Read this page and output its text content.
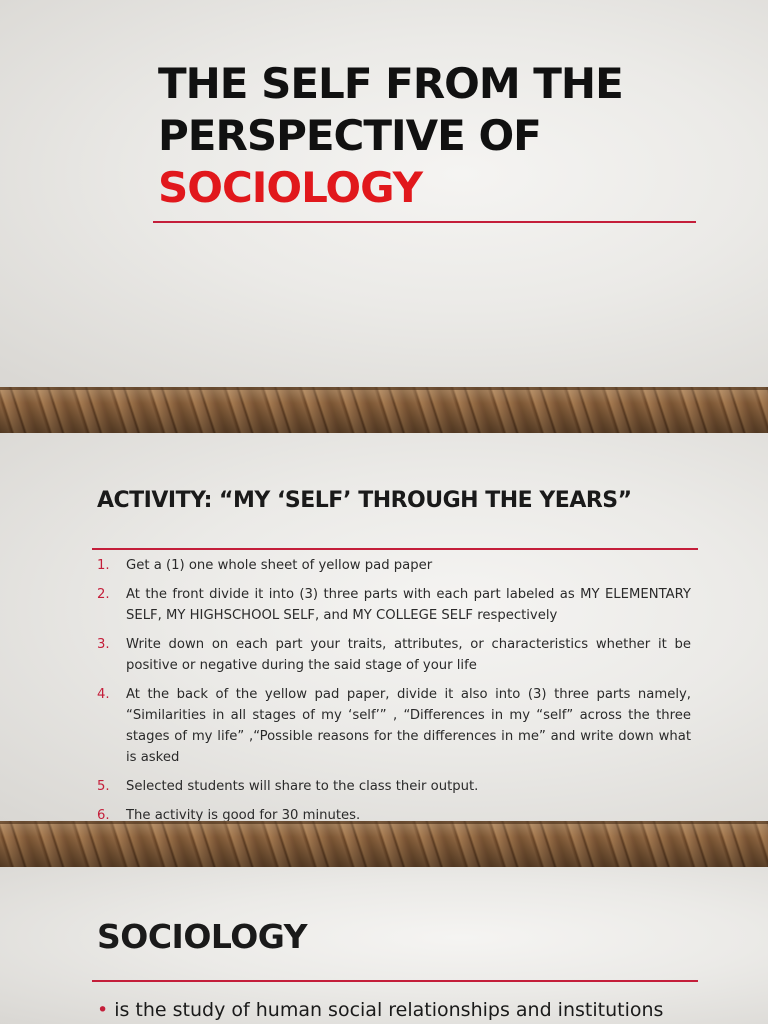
THE SELF FROM THE
PERSPECTIVE OF
SOCIOLOGY
ACTIVITY: “MY ‘SELF’ THROUGH THE YEARS”
1. Get a (1) one whole sheet of yellow pad paper
2. At the front divide it into (3) three parts with each part labeled as MY ELEMENTARY SELF, MY HIGHSCHOOL SELF, and MY COLLEGE SELF respectively
3. Write down on each part your traits, attributes, or characteristics whether it be positive or negative during the said stage of your life
4. At the back of the yellow pad paper, divide it also into (3) three parts namely, “Similarities in all stages of my ‘self’” , “Differences in my “self” across the three stages of my life” ,“Possible reasons for the differences in me” and write down what is asked
5. Selected students will share to the class their output.
6. The activity is good for 30 minutes.
SOCIOLOGY
• is the study of human social relationships and institutions
